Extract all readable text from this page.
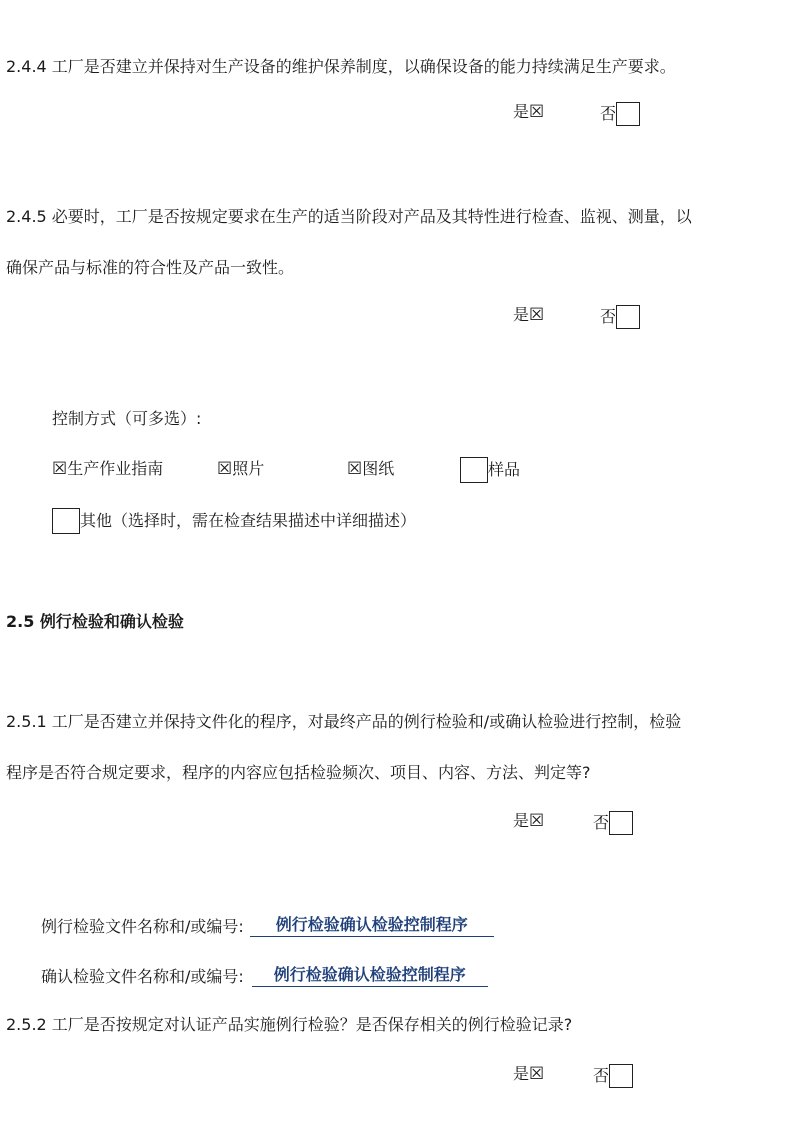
2.4.4 工厂是否建立并保持对生产设备的维护保养制度，以确保设备的能力持续满足生产要求。
是 ☒	否
2.4.5 必要时，工厂是否按规定要求在生产的适当阶段对产品及其特性进行检查、监视、测量，以
确保产品与标准的符合性及产品一致性。
是 ☒	否
控制方式（可多选）:
☒ 生产作业指南	☒ 照片	☒ 图纸	样品
其他（选择时，需在检查结果描述中详细描述）
2.5 例行检验和确认检验
2.5.1 工厂是否建立并保持文件化的程序，对最终产品的例行检验和/或确认检验进行控制，检验
程序是否符合规定要求，程序的内容应包括检验频次、项目、内容、方法、判定等?
是 ☒	否
例行检验文件名称和/或编号:	例行检验确认检验控制程序
确认检验文件名称和/或编号:	例行检验确认检验控制程序
2.5.2 工厂是否按规定对认证产品实施例行检验？是否保存相关的例行检验记录?
是 ☒	否
